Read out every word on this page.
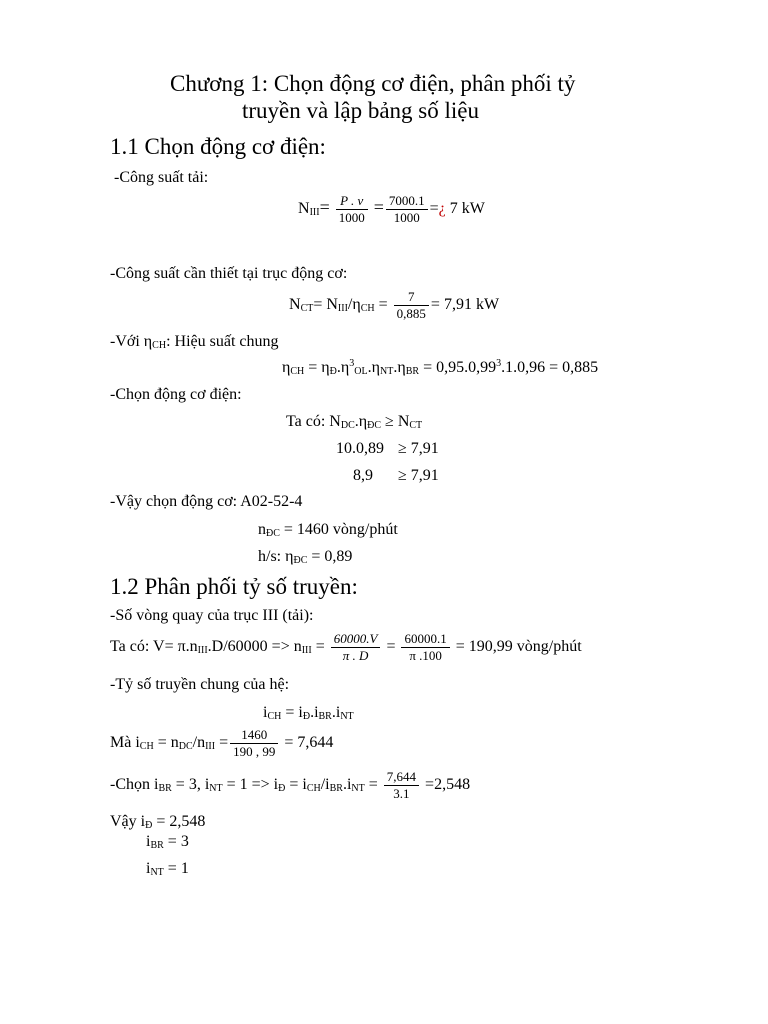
Chương 1: Chọn động cơ điện, phân phối tỷ
truyền và lập bảng số liệu
1.1 Chọn động cơ điện:
-Công suất tải:
$N_{III}= \frac{P . v}{1000} = \frac{7000.1}{1000}$ =¿ 7 kW
-Công suất cần thiết tại trục động cơ:
$N_{CT}= N_{III}/\eta_{CH} = \frac{7}{0,885} = 7,91$ kW
-Với $\eta_{CH}$: Hiệu suất chung
$\eta_{CH} = \eta_Đ.\eta^3_{OL}.\eta_{NT}.\eta_{BR} = 0,95.0,99^3.1.0,96 = 0,885$
-Chọn động cơ điện:
Ta có: $N_{DC}.\eta_{ĐC} \ge N_{CT}$
10.0,89 ≥ 7,91
8,9 ≥ 7,91
-Vậy chọn động cơ: A02-52-4
$n_{ĐC} = 1460$ vòng/phút
h/s: $\eta_{ĐC} = 0,89$
1.2 Phân phối tỷ số truyền:
-Số vòng quay của trục III (tải):
Ta có: $V= \pi.n_{III}.D/60000 => n_{III} = \frac{60000.V}{\pi . D} = \frac{60000.1}{\pi .100} = 190,99$ vòng/phút
-Tỷ số truyền chung của hệ:
$i_{CH} = i_Đ.i_{BR}.i_{NT}$
Mà $i_{CH} = n_{DC}/n_{III} = \frac{1460}{190 , 99} = 7,644$
-Chọn $i_{BR} = 3$, $i_{NT} = 1 => i_Đ = i_{CH}/i_{BR}.i_{NT} = \frac{7,644}{3.1} =2,548$
Vậy $i_Đ = 2,548$
$i_{BR} = 3$
$i_{NT} = 1$
